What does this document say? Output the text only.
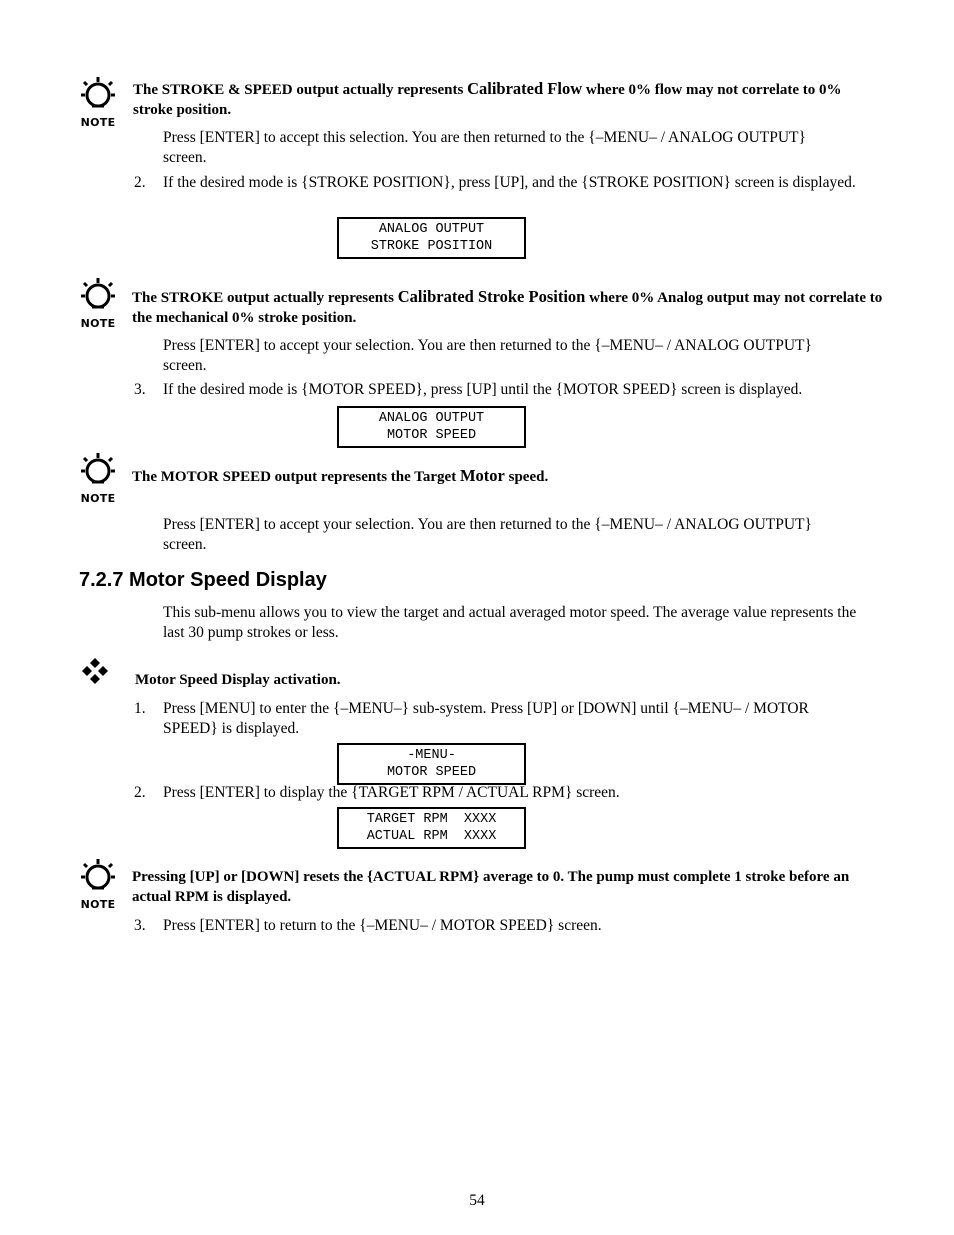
NOTE
The STROKE & SPEED output actually represents Calibrated Flow where 0% flow may not correlate to 0% stroke position.
Press [ENTER] to accept this selection. You are then returned to the {–MENU– / ANALOG OUTPUT} screen.
2. If the desired mode is {STROKE POSITION}, press [UP], and the {STROKE POSITION} screen is displayed.
ANALOG OUTPUT
STROKE POSITION
NOTE
The STROKE output actually represents Calibrated Stroke Position where 0% Analog output may not correlate to the mechanical 0% stroke position.
Press [ENTER] to accept your selection. You are then returned to the {–MENU– / ANALOG OUTPUT} screen.
3. If the desired mode is {MOTOR SPEED}, press [UP] until the {MOTOR SPEED} screen is displayed.
ANALOG OUTPUT
MOTOR SPEED
NOTE
The MOTOR SPEED output represents the Target Motor speed.
Press [ENTER] to accept your selection. You are then returned to the {–MENU– / ANALOG OUTPUT} screen.
7.2.7 Motor Speed Display
This sub-menu allows you to view the target and actual averaged motor speed. The average value represents the last 30 pump strokes or less.
Motor Speed Display activation.
1. Press [MENU] to enter the {–MENU–} sub-system. Press [UP] or [DOWN] until {–MENU– / MOTOR SPEED} is displayed.
-MENU-
MOTOR SPEED
2. Press [ENTER] to display the {TARGET RPM / ACTUAL RPM} screen.
TARGET RPM  XXXX
ACTUAL RPM  XXXX
NOTE
Pressing [UP] or [DOWN] resets the {ACTUAL RPM} average to 0. The pump must complete 1 stroke before an actual RPM is displayed.
3. Press [ENTER] to return to the {–MENU– / MOTOR SPEED} screen.
54
